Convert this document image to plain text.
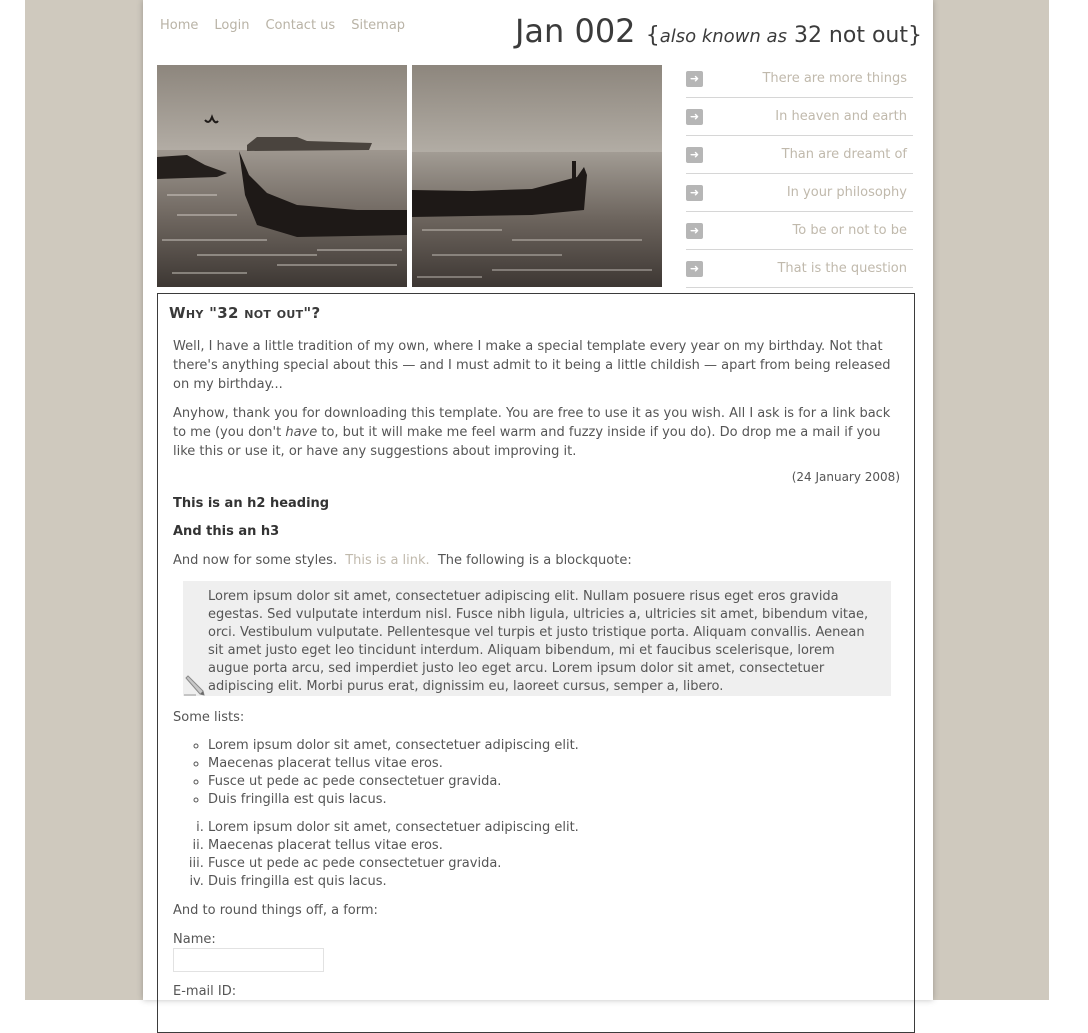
Home Login Contact us Sitemap	Jan 002 {also known as 32 not out}
➜	There are more things
➜	In heaven and earth
➜	Than are dreamt of
➜	In your philosophy
➜	To be or not to be
➜	That is the question
Why "32 not out"?

Well, I have a little tradition of my own, where I make a special template every year on my birthday. Not that there's anything special about this — and I must admit to it being a little childish — apart from being released on my birthday...

Anyhow, thank you for downloading this template. You are free to use it as you wish. All I ask is for a link back to me (you don't have to, but it will make me feel warm and fuzzy inside if you do). Do drop me a mail if you like this or use it, or have any suggestions about improving it.

(24 January 2008)

This is an h2 heading
And this an h3

And now for some styles. This is a link. The following is a blockquote:

Lorem ipsum dolor sit amet, consectetuer adipiscing elit. Nullam posuere risus eget eros gravida egestas. Sed vulputate interdum nisl. Fusce nibh ligula, ultricies a, ultricies sit amet, bibendum vitae, orci. Vestibulum vulputate. Pellentesque vel turpis et justo tristique porta. Aliquam convallis. Aenean sit amet justo eget leo tincidunt interdum. Aliquam bibendum, mi et faucibus scelerisque, lorem augue porta arcu, sed imperdiet justo leo eget arcu. Lorem ipsum dolor sit amet, consectetuer adipiscing elit. Morbi purus erat, dignissim eu, laoreet cursus, semper a, libero.

Some lists:

◦ Lorem ipsum dolor sit amet, consectetuer adipiscing elit.
◦ Maecenas placerat tellus vitae eros.
◦ Fusce ut pede ac pede consectetuer gravida.
◦ Duis fringilla est quis lacus.
i. Lorem ipsum dolor sit amet, consectetuer adipiscing elit.
ii. Maecenas placerat tellus vitae eros.
iii. Fusce ut pede ac pede consectetuer gravida.
iv. Duis fringilla est quis lacus.

And to round things off, a form:

Name:
E-mail ID:
